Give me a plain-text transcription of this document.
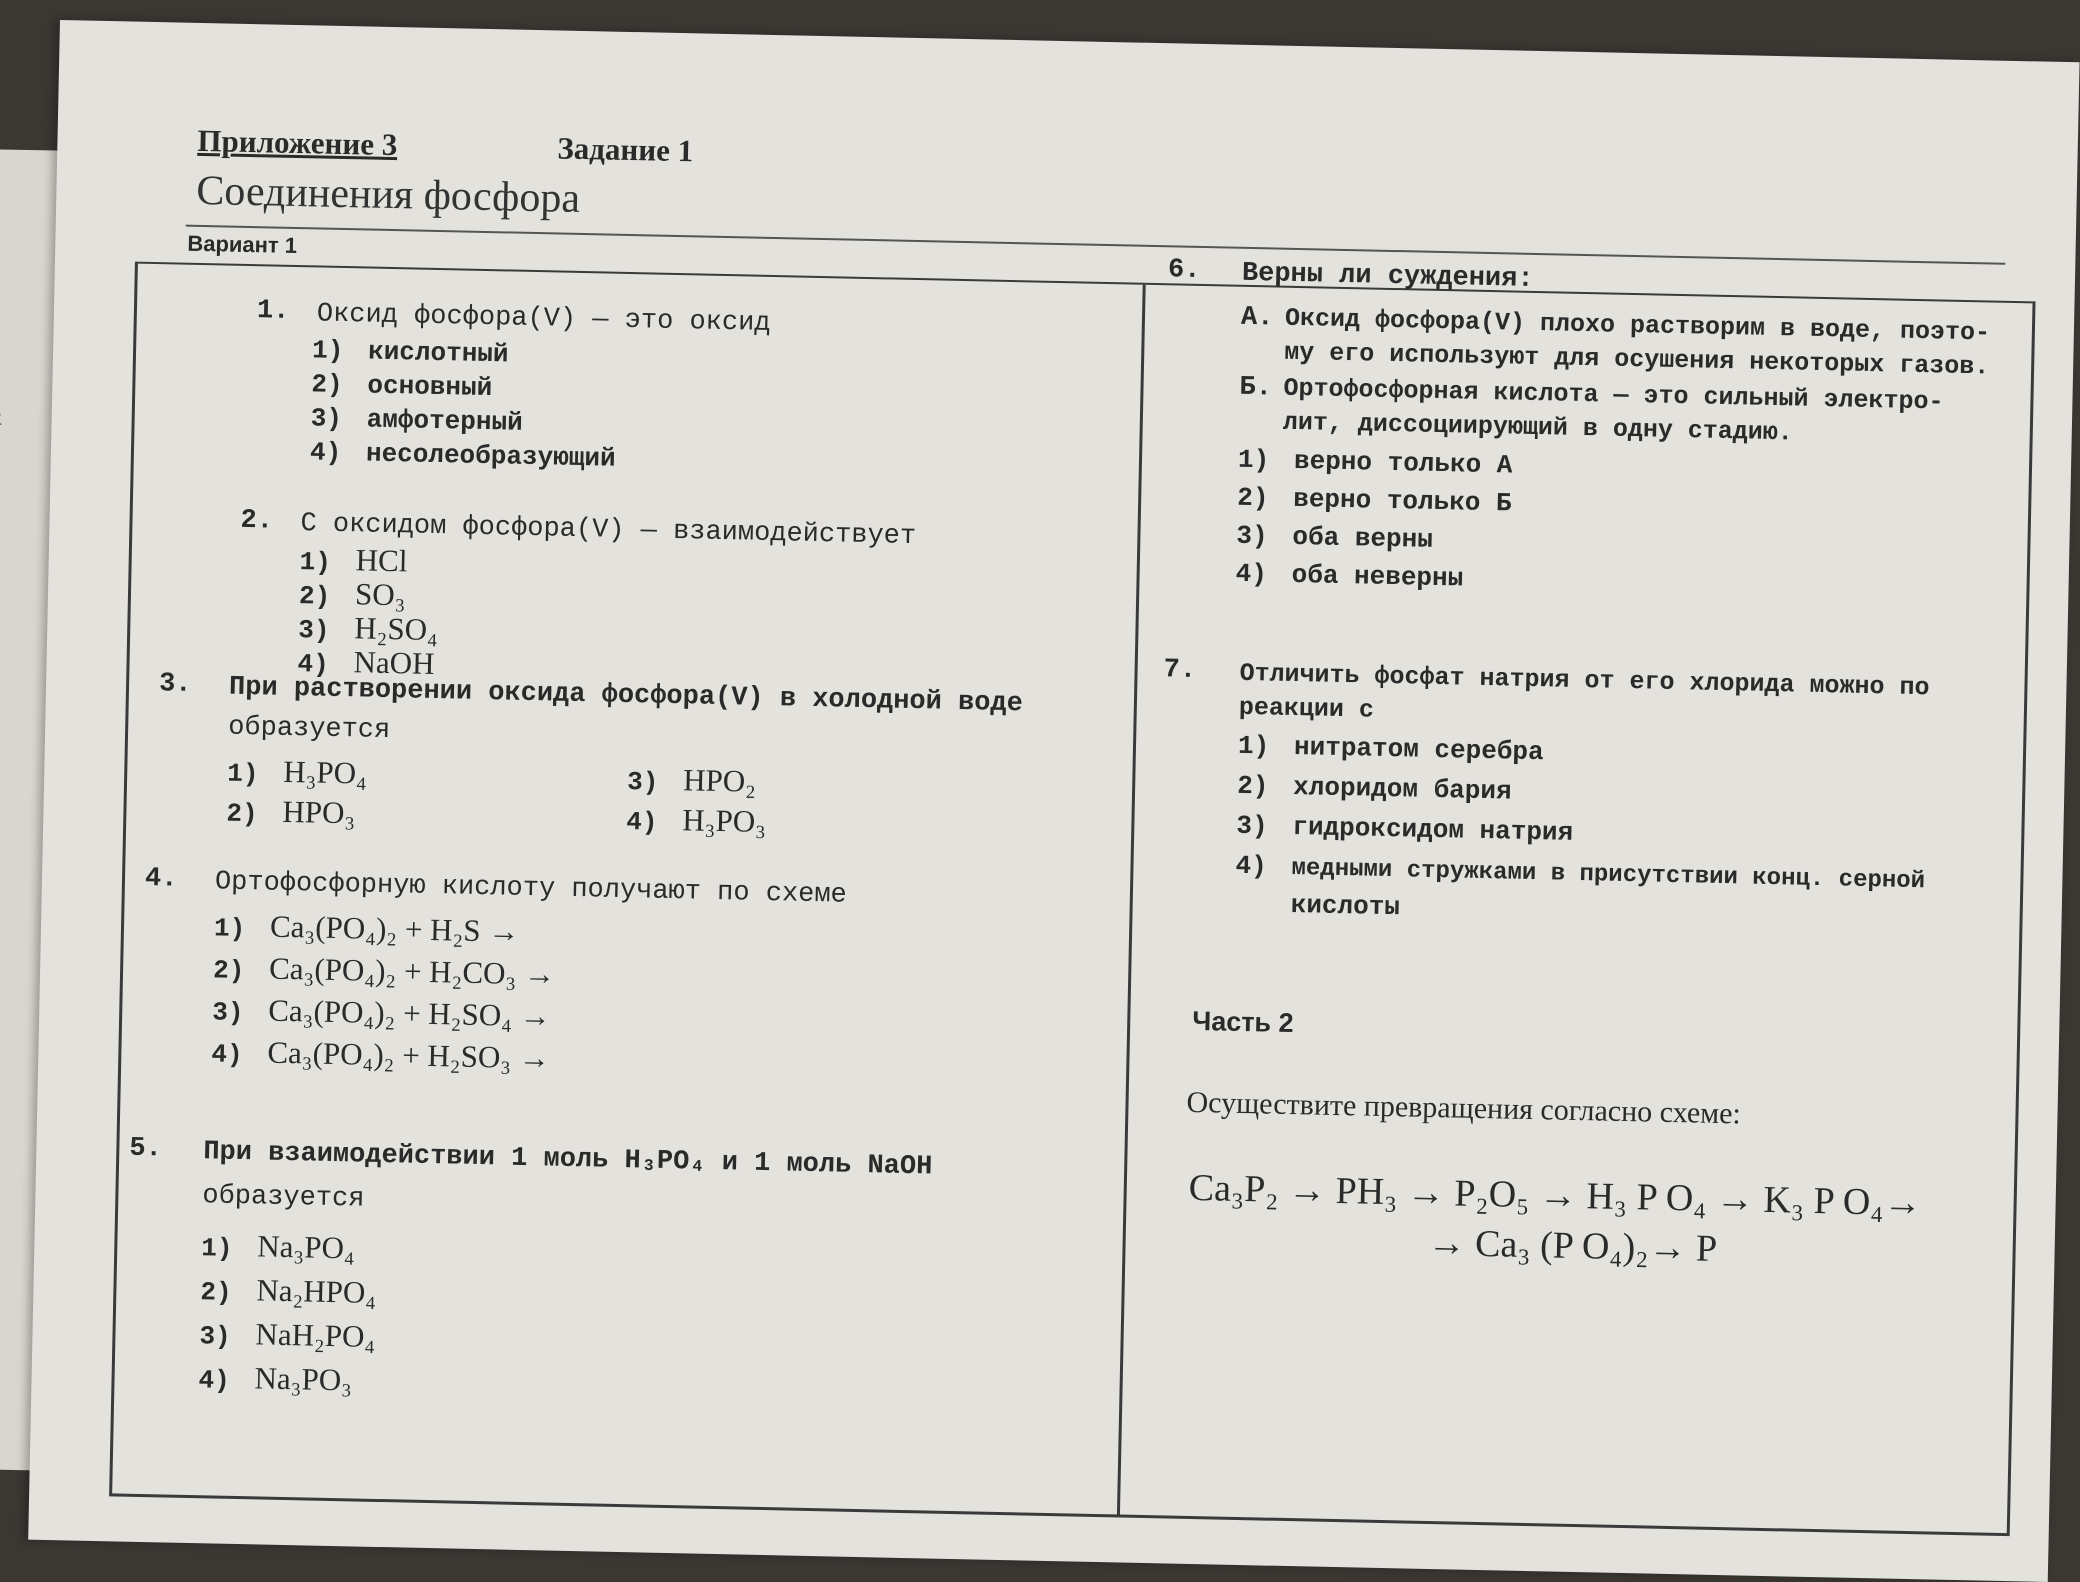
Приложение 3	Задание 1
Соединения фосфора
Вариант 1
1. Оксид фосфора(V) — это оксид
1) кислотный
2) основный
3) амфотерный
4) несолеобразующий
2. С оксидом фосфора(V) — взаимодействует
1) HCl
2) SO₃
3) H₂SO₄
4) NaOH
3. При растворении оксида фосфора(V) в холодной воде
образуется
1) H₃PO₄
2) HPO₃
3) HPO₂
4) H₃PO₃
4. Ортофосфорную кислоту получают по схеме
1) Ca₃(PO₄)₂ + H₂S →
2) Ca₃(PO₄)₂ + H₂CO₃ →
3) Ca₃(PO₄)₂ + H₂SO₄ →
4) Ca₃(PO₄)₂ + H₂SO₃ →
5. При взаимодействии 1 моль H₃PO₄ и 1 моль NaOH
образуется
1) Na₃PO₄
2) Na₂HPO₄
3) NaH₂PO₄
4) Na₃PO₃
6. Верны ли суждения:
А. Оксид фосфора(V) плохо растворим в воде, поэто-
му его используют для осушения некоторых газов.
Б. Ортофосфорная кислота — это сильный электро-
лит, диссоциирующий в одну стадию.
1) верно только А
2) верно только Б
3) оба верны
4) оба неверны
7. Отличить фосфат натрия от его хлорида можно по
реакции с
1) нитратом серебра
2) хлоридом бария
3) гидроксидом натрия
4) медными стружками в присутствии конц. серной
кислоты
Часть 2
Осуществите превращения согласно схеме:
Ca₃P₂ → PH₃ → P₂O₅ → H₃ P O₄ → K₃ P O₄→
→ Ca₃ (P O₄)₂→ P
